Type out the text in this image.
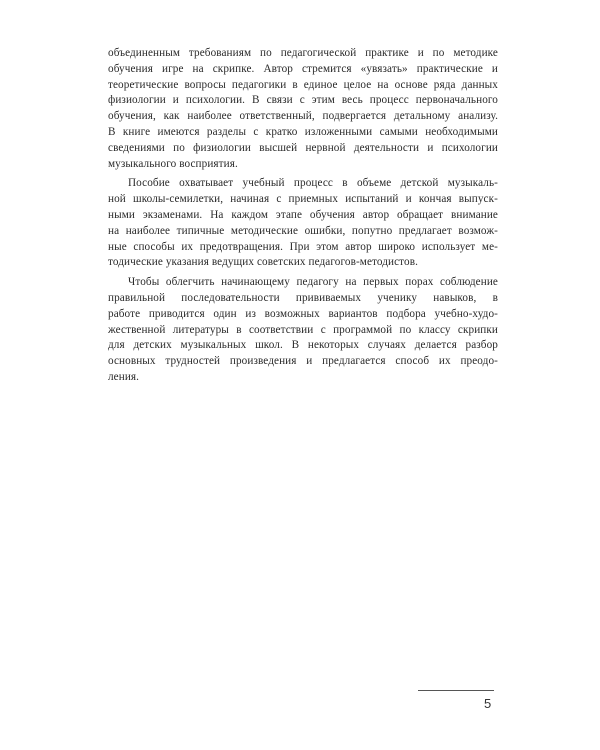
объединенным требованиям по педагогической практике и по методике
обучения игре на скрипке. Автор стремится «увязать» практические и
теоретические вопросы педагогики в единое целое на основе ряда данных
физиологии и психологии. В связи с этим весь процесс первоначального
обучения, как наиболее ответственный, подвергается детальному анализу.
В книге имеются разделы с кратко изложенными самыми необходимыми
сведениями по физиологии высшей нервной деятельности и психологии
музыкального восприятия.
Пособие охватывает учебный процесс в объеме детской музыкаль-
ной школы-семилетки, начиная с приемных испытаний и кончая выпуск-
ными экзаменами. На каждом этапе обучения автор обращает внимание
на наиболее типичные методические ошибки, попутно предлагает возмож-
ные способы их предотвращения. При этом автор широко использует ме-
тодические указания ведущих советских педагогов-методистов.
Чтобы облегчить начинающему педагогу на первых порах соблюдение
правильной последовательности прививаемых ученику навыков, в
работе приводится один из возможных вариантов подбора учебно-худо-
жественной литературы в соответствии с программой по классу скрипки
для детских музыкальных школ. В некоторых случаях делается разбор
основных трудностей произведения и предлагается способ их преодо-
ления.
5
